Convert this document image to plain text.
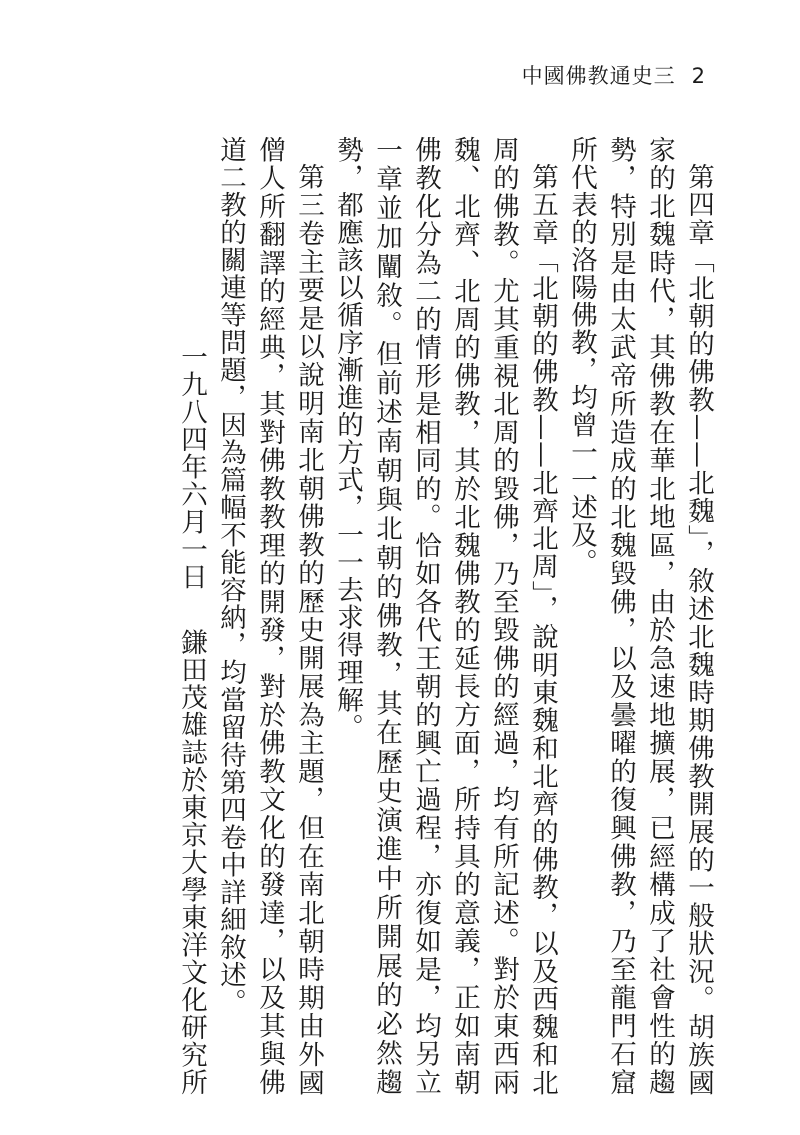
中國佛教通史三 2

第四章「北朝的佛教——北魏」，敘述北魏時期佛教開展的一般狀況。胡族國家的北魏時代，其佛教在華北地區，由於急速地擴展，已經構成了社會性的趨勢，特別是由太武帝所造成的北魏毀佛，以及曇曜的復興佛教，乃至龍門石窟所代表的洛陽佛教，均曾一一述及。

第五章「北朝的佛教——北齊北周」，說明東魏和北齊的佛教，以及西魏和北周的佛教。尤其重視北周的毀佛，乃至毀佛的經過，均有所記述。對於東西兩魏、北齊、北周的佛教，其於北魏佛教的延長方面，所持具的意義，正如南朝佛教化分為二的情形是相同的。恰如各代王朝的興亡過程，亦復如是，均另立一章並加闡敘。但前述南朝與北朝的佛教，其在歷史演進中所開展的必然趨勢，都應該以循序漸進的方式，一一去求得理解。

第三卷主要是以說明南北朝佛教的歷史開展為主題，但在南北朝時期由外國僧人所翻譯的經典，其對佛教教理的開發，對於佛教文化的發達，以及其與佛道二教的關連等問題，因為篇幅不能容納，均當留待第四卷中詳細敘述。

一九八四年六月一日鎌田茂雄誌於東京大學東洋文化研究所
